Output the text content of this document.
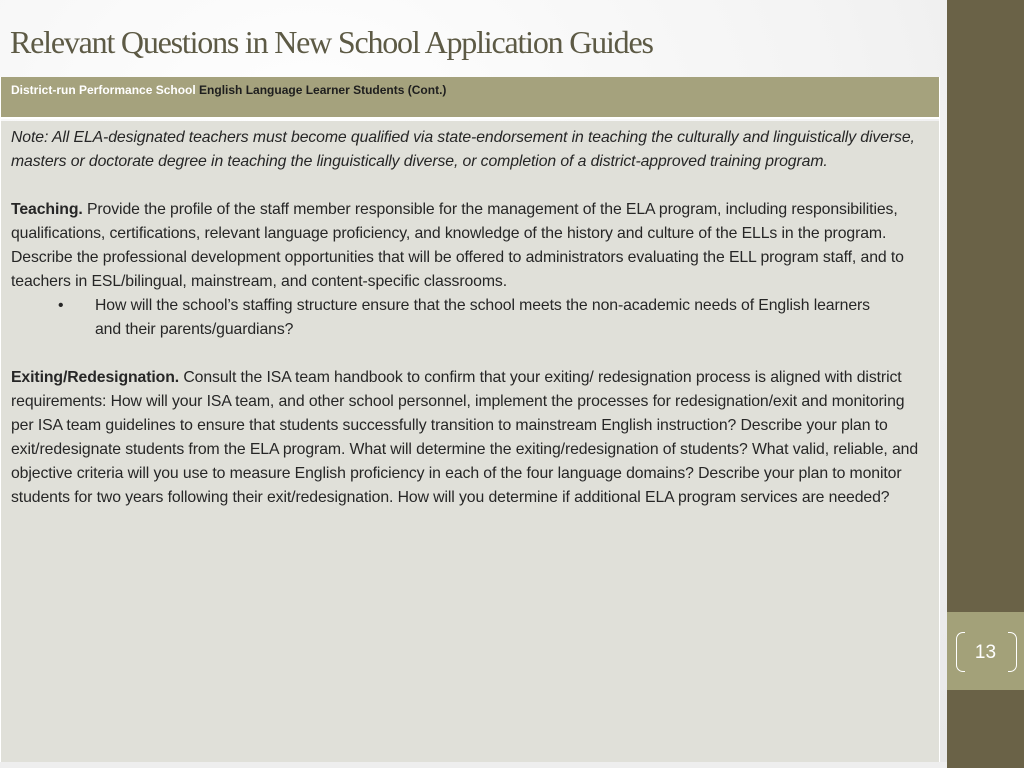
Relevant Questions in New School Application Guides
District-run Performance School English Language Learner Students (Cont.)

Note: All ELA-designated teachers must become qualified via state-endorsement in teaching the culturally and linguistically diverse, masters or doctorate degree in teaching the linguistically diverse, or completion of a district-approved training program.

Teaching. Provide the profile of the staff member responsible for the management of the ELA program, including responsibilities, qualifications, certifications, relevant language proficiency, and knowledge of the history and culture of the ELLs in the program. Describe the professional development opportunities that will be offered to administrators evaluating the ELL program staff, and to teachers in ESL/bilingual, mainstream, and content-specific classrooms.

• How will the school’s staffing structure ensure that the school meets the non-academic needs of English learners and their parents/guardians?

Exiting/Redesignation. Consult the ISA team handbook to confirm that your exiting/ redesignation process is aligned with district requirements: How will your ISA team, and other school personnel, implement the processes for redesignation/exit and monitoring per ISA team guidelines to ensure that students successfully transition to mainstream English instruction? Describe your plan to exit/redesignate students from the ELA program. What will determine the exiting/redesignation of students? What valid, reliable, and objective criteria will you use to measure English proficiency in each of the four language domains? Describe your plan to monitor students for two years following their exit/redesignation. How will you determine if additional ELA program services are needed?

13
